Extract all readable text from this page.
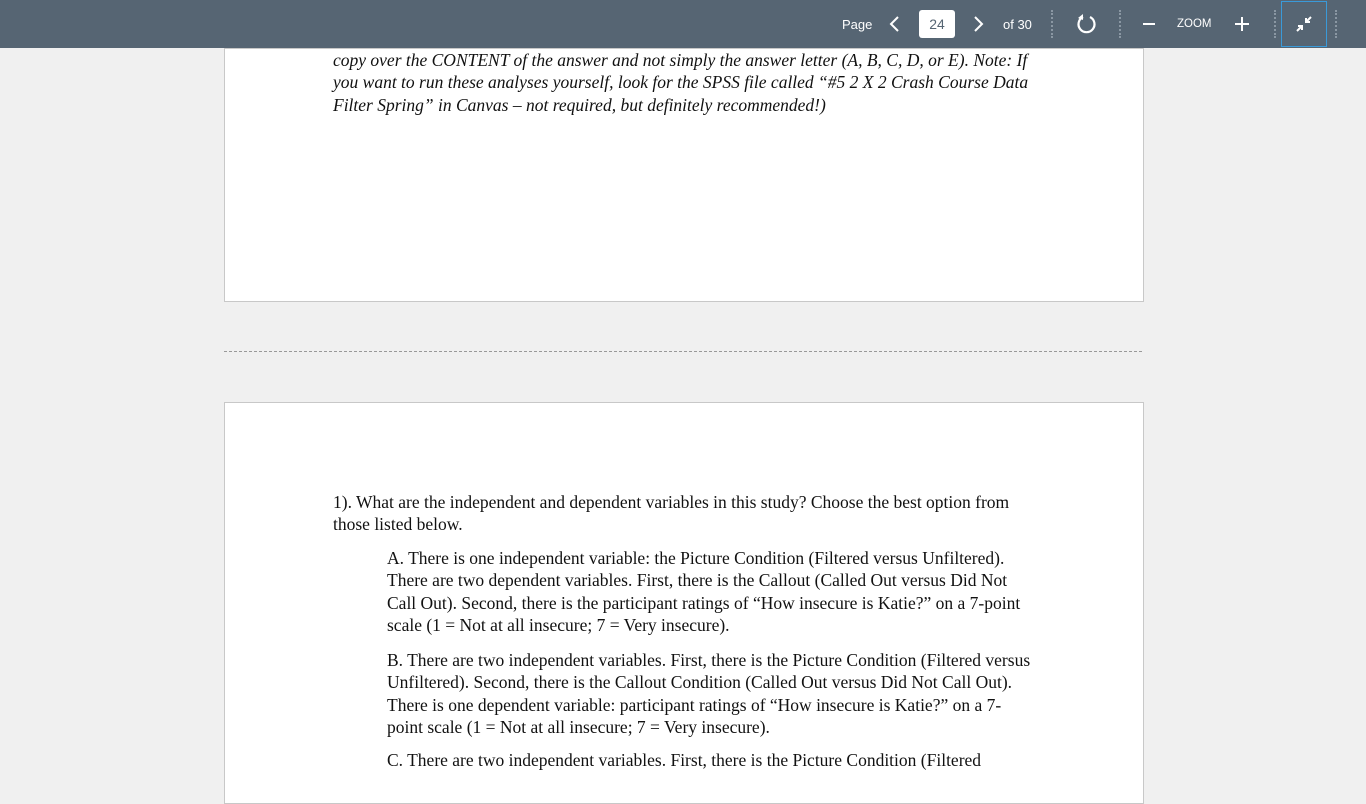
Page
24	of 30	ZOOM
copy over the CONTENT of the answer and not simply the answer letter (A, B, C, D, or E). Note: If you want to run these analyses yourself, look for the SPSS file called “#5 2 X 2 Crash Course Data Filter Spring” in Canvas – not required, but definitely recommended!)
1). What are the independent and dependent variables in this study? Choose the best option from those listed below.
A. There is one independent variable: the Picture Condition (Filtered versus Unfiltered). There are two dependent variables. First, there is the Callout (Called Out versus Did Not Call Out). Second, there is the participant ratings of “How insecure is Katie?” on a 7-point scale (1 = Not at all insecure; 7 = Very insecure).
B. There are two independent variables. First, there is the Picture Condition (Filtered versus Unfiltered). Second, there is the Callout Condition (Called Out versus Did Not Call Out). There is one dependent variable: participant ratings of “How insecure is Katie?” on a 7-point scale (1 = Not at all insecure; 7 = Very insecure).
C. There are two independent variables. First, there is the Picture Condition (Filtered
